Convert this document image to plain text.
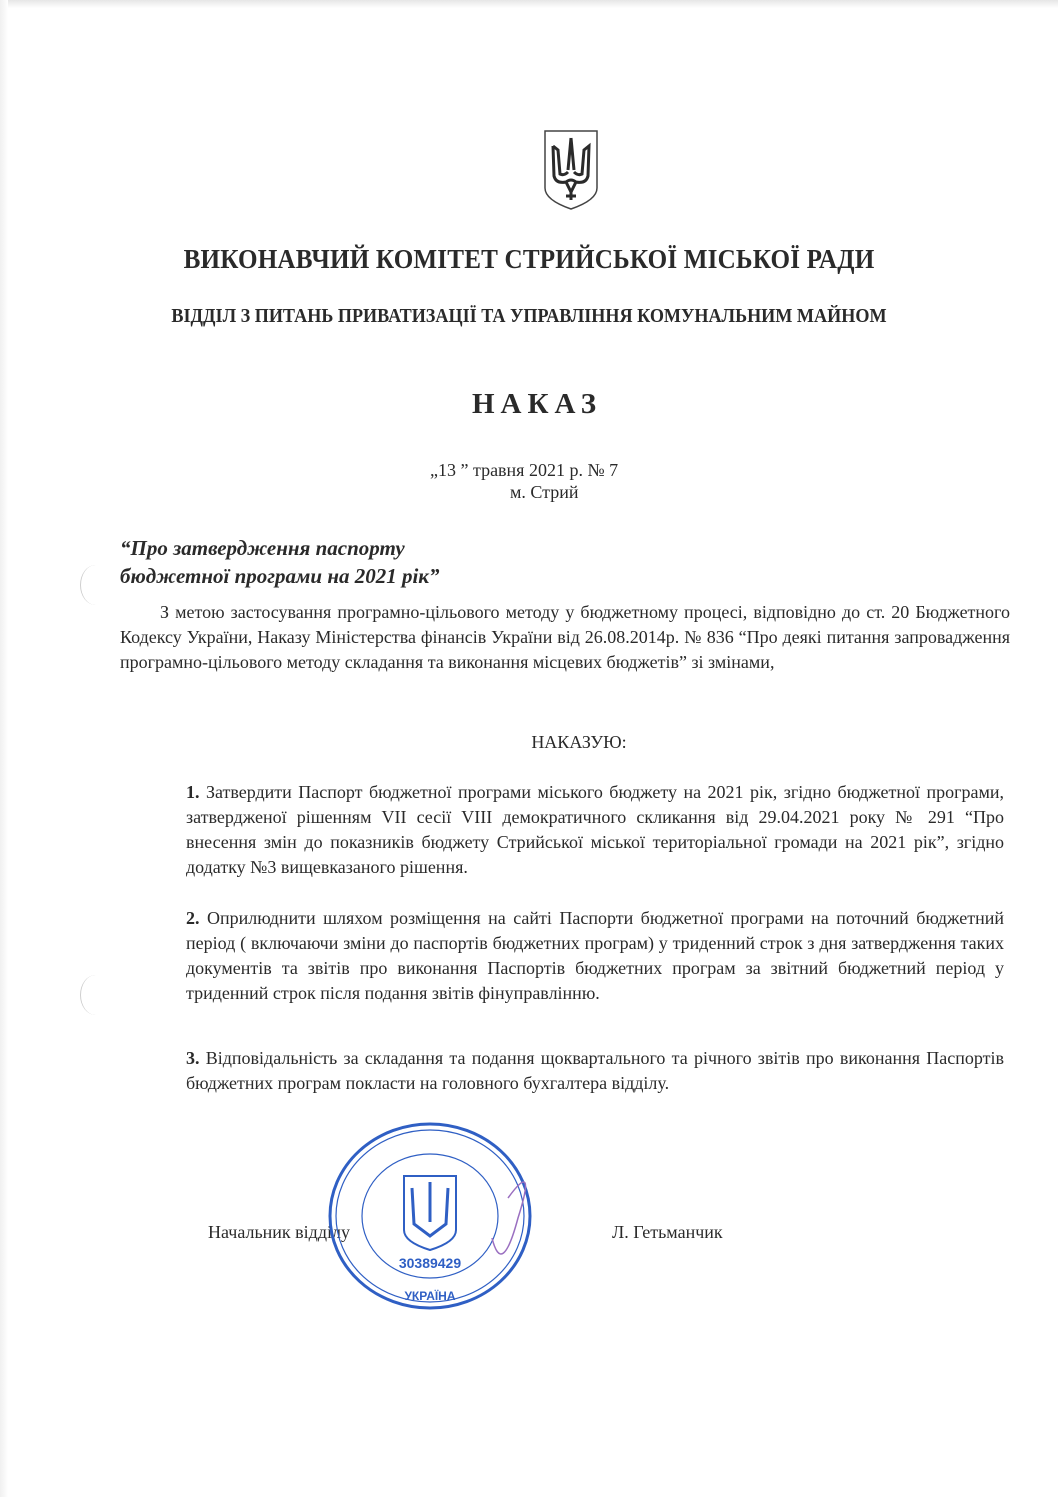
ВИКОНАВЧИЙ КОМІТЕТ СТРИЙСЬКОЇ МІСЬКОЇ РАДИ
ВІДДІЛ З ПИТАНЬ ПРИВАТИЗАЦІЇ ТА УПРАВЛІННЯ КОМУНАЛЬНИМ МАЙНОМ
НАКАЗ
„13 ” травня 2021 р. № 7
м. Стрий
“Про затвердження паспорту
бюджетної програми на 2021 рік”
З метою застосування програмно-цільового методу у бюджетному процесі, відповідно до ст. 20 Бюджетного Кодексу України, Наказу Міністерства фінансів України від 26.08.2014р. № 836 “Про деякі питання запровадження програмно-цільового методу складання та виконання місцевих бюджетів” зі змінами,
НАКАЗУЮ:
1. Затвердити Паспорт бюджетної програми міського бюджету на 2021 рік, згідно бюджетної програми, затвердженої рішенням VII сесії VIII демократичного скликання від 29.04.2021 року № 291 “Про внесення змін до показників бюджету Стрийської міської територіальної громади на 2021 рік”, згідно додатку №3 вищевказаного рішення.
2. Оприлюднити шляхом розміщення на сайті Паспорти бюджетної програми на поточний бюджетний період ( включаючи зміни до паспортів бюджетних програм) у триденний строк з дня затвердження таких документів та звітів про виконання Паспортів бюджетних програм за звітний бюджетний період у триденний строк після подання звітів фінуправлінню.
3. Відповідальність за складання та подання щоквартального та річного звітів про виконання Паспортів бюджетних програм покласти на головного бухгалтера відділу.
Начальник відділу	Л. Гетьманчик
30389429
УКРАЇНА
